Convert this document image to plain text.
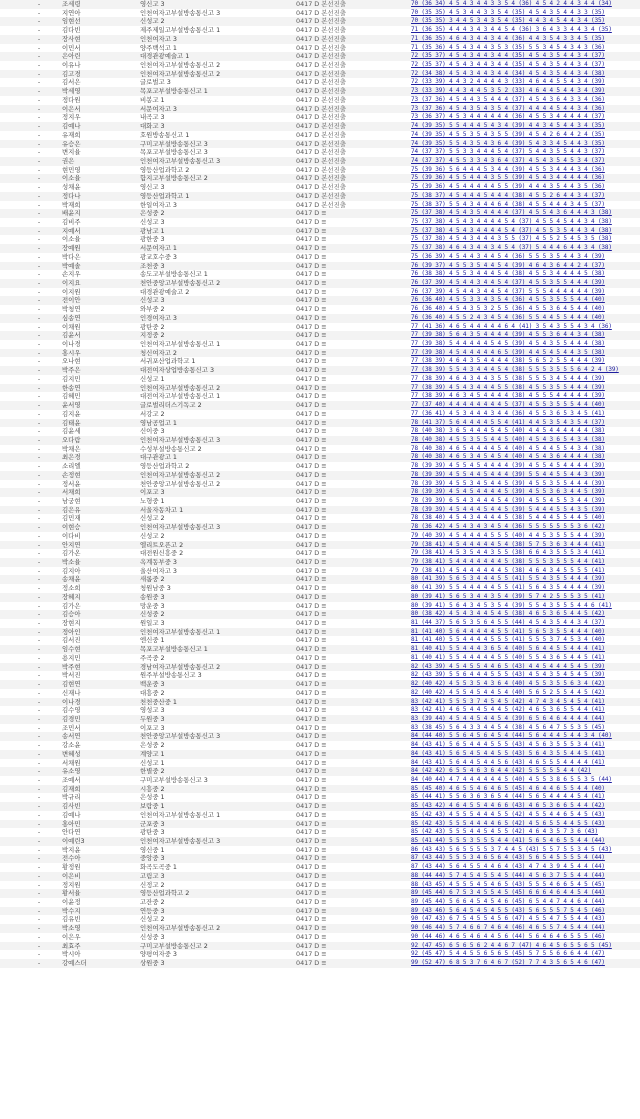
-	조세령	영신고 3	0417 D 본선진출	70 (36 34) 4 5 4 3 4 4 3 3 5 4 (36) 4 5 4 2 4 4 3 4 4 (34)
-	지연아	인천여자고부설방송통신고 3	0417 D 본선진출	70 (35 35) 4 5 3 4 4 3 3 5 4 (35) 4 5 4 3 5 4 4 3 3 (35)
-	임현선	신성고 2	0417 D 본선진출	70 (35 35) 3 4 4 5 3 4 3 5 4 (35) 4 4 3 4 5 4 4 3 4 (35)
-	김다빈	제주제일고부설방송통신고 1	0417 D 본선진출	71 (36 35) 4 4 4 3 4 3 4 4 5 4 (36) 3 6 4 3 3 4 4 3 4 (35)
-	장사현	인천여자고 3	0417 D 본선진출	71 (36 35) 4 6 4 3 4 4 3 4 4 (36) 4 4 3 5 4 3 3 4 5 (35)
-	이민서	양주백석고 1	0417 D 본선진출	71 (35 36) 4 5 4 3 4 4 3 5 3 (35) 5 5 3 4 5 4 3 4 3 (36)
-	은아린	대경관광예술고 1	0417 D 본선진출	72 (35 37) 4 5 4 3 4 4 3 4 4 (35) 4 5 4 3 5 4 4 3 4 (37)
-	이유나	인천여자고부설방송통신고 2	0417 D 본선진출	72 (35 37) 4 5 4 3 4 4 3 4 4 (35) 4 5 4 3 5 4 4 3 4 (37)
-	김고경	인천여자고부설방송통신고 2	0417 D 본선진출	72 (34 38) 4 5 4 3 4 4 3 4 4 (34) 4 5 4 3 5 4 4 3 4 (38)
-	김서은	글로벌고 3	0417 D 본선진출	72 (33 39) 4 4 3 2 4 4 4 4 3 (33) 4 6 4 4 5 5 4 3 4 (39)
-	박세영	목포고부설방송통신고 1	0417 D 본선진출	73 (33 39) 4 4 3 4 4 5 3 5 2 (33) 4 6 4 4 5 4 4 3 4 (39)
-	정다원	비봉고 1	0417 D 본선진출	73 (37 36) 4 5 4 4 3 5 4 4 4 (37) 4 5 4 3 6 4 3 3 4 (36)
-	이은서	서문여자고 3	0417 D 본선진출	73 (37 36) 4 5 4 3 5 4 3 5 4 (37) 4 4 4 4 5 4 4 3 4 (36)
-	정지우	내곡고 3	0417 D 본선진출	73 (36 37) 4 5 3 4 4 4 4 4 4 (36) 4 5 5 3 4 4 4 4 4 (37)
-	김예나	대화고 3	0417 D 본선진출	74 (39 35) 5 5 4 4 4 5 4 3 4 (39) 4 4 3 4 5 4 4 3 4 (35)
-	유재희	호원방송통신고 1	0417 D 본선진출	74 (39 35) 4 5 5 3 5 4 3 5 5 (39) 4 5 4 2 6 4 4 2 4 (35)
-	유승은	구미고부설방송통신고 3	0417 D 본선진출	74 (39 35) 5 5 4 3 5 4 3 6 4 (39) 5 4 3 3 4 5 4 4 3 (35)
-	변지율	목포고부설방송통신고 3	0417 D 본선진출	74 (37 37) 5 5 3 3 4 4 4 5 4 (37) 5 4 4 3 5 5 4 4 3 (37)
-	권은	인천여자고부설방송통신고 3	0417 D 본선진출	74 (37 37) 4 5 5 3 3 4 3 6 4 (37) 4 5 4 3 5 4 5 3 4 (37)
-	현민영	영등산업과학고 2	0417 D 본선진출	75 (39 36) 5 6 4 4 4 5 3 4 4 (39) 4 5 5 3 4 4 4 3 4 (36)
-	이소율	함지고부설방송통신고 2	0417 D 본선진출	75 (39 36) 4 5 5 4 4 4 3 5 5 (39) 4 5 4 3 4 4 4 4 4 (36)
-	성채윤	영신고 3	0417 D 본선진출	75 (39 36) 4 5 4 4 4 4 4 5 5 (39) 4 4 4 3 5 4 4 3 5 (36)
-	정다나	영등산업과학고 1	0417 D 본선진출	75 (38 37) 4 5 4 4 4 5 4 4 4 (38) 4 5 5 2 6 4 4 3 4 (37)
-	박재희	한일여자고 3	0417 D 본선진출	75 (38 37) 5 5 4 3 4 4 4 6 4 (38) 4 5 5 4 4 4 3 4 5 (37)
-	배윤지	은성중 2	0417 D ≡	75 (37 38) 4 5 4 3 5 4 4 4 4 (37) 4 5 5 4 3 6 4 4 4 3 (38)
-	김비주	신성고 3	0417 D ≡	75 (37 38) 4 5 4 3 4 4 4 4 5 4 (37) 4 5 5 4 5 4 4 3 4 (38)
-	지예서	광남고 1	0417 D ≡	75 (37 38) 4 5 4 3 4 4 4 4 5 4 (37) 4 5 5 3 5 4 4 3 4 (38)
-	이소율	광한중 3	0417 D ≡	75 (37 38) 4 5 4 3 4 4 4 3 5 5 (37) 4 5 5 2 5 4 5 3 5 (38)
-	장예원	서문여자고 1	0417 D ≡	75 (37 38) 4 6 4 3 4 4 3 4 5 4 (37) 5 4 4 4 6 4 4 3 4 (38)
-	박다은	광교호수중 3	0417 D ≡	75 (36 39) 4 5 4 4 3 4 4 5 4 (36) 5 5 5 3 5 4 4 3 4 (39)
-	박예솔	조천중 3	0417 D ≡	76 (39 37) 4 5 5 3 5 4 4 5 4 (39) 4 6 4 3 6 4 4 2 4 (37)
-	손지우	송도고부설방송통신고 1	0417 D ≡	76 (38 38) 4 5 5 3 4 4 4 5 4 (38) 4 5 5 3 4 4 4 4 5 (38)
-	이지요	천안중앙고부설방송통신고 2	0417 D ≡	76 (37 39) 4 5 4 4 3 4 4 5 4 (37) 4 5 5 3 5 5 4 4 4 (39)
-	이지원	대경관광예술고 2	0417 D ≡	76 (37 39) 4 5 4 4 3 4 4 5 4 (37) 5 5 5 4 4 4 4 4 4 (39)
-	전이안	신성고 3	0417 D ≡	76 (36 40) 4 5 5 3 3 4 3 5 4 (36) 4 5 5 3 5 5 5 4 4 (40)
-	박청연	와부중 2	0417 D ≡	76 (36 40) 4 5 4 3 5 3 2 5 5 (36) 4 5 5 3 6 4 5 4 4 (40)
-	심송연	인경여자고 3	0417 D ≡	76 (36 40) 4 5 5 2 4 3 4 5 4 (36) 5 5 4 4 5 5 4 4 4 (40)
-	이채원	광탄중 2	0417 D ≡	77 (41 36) 4 6 5 4 4 4 4 4 6 4 (41) 3 5 4 3 5 5 4 3 4 (36)
-	김윤서	지정중 2	0417 D ≡	77 (39 38) 5 6 4 3 5 4 4 4 4 (39) 4 5 5 3 6 4 4 3 4 (38)
-	이나경	인천여자고부설방송통신고 1	0417 D ≡	77 (39 38) 5 4 4 4 4 4 5 4 5 (39) 4 5 4 3 5 5 4 4 4 (38)
-	홍시우	청신여자고 2	0417 D ≡	77 (39 38) 4 5 4 4 4 4 4 6 5 (39) 4 4 5 4 5 4 4 3 5 (38)
-	오나현	서귀포산업과학고 1	0417 D ≡	77 (38 39) 4 6 4 3 5 4 4 4 4 (38) 5 6 5 2 5 5 4 4 4 (39)
-	박주은	대전여자상업방송통신고 3	0417 D ≡	77 (38 39) 5 5 4 3 4 4 4 5 4 (38) 5 5 5 3 5 5 5 6 4 2 4 (39)
-	김지민	신성고 1	0417 D ≡	77 (38 39) 4 6 4 3 4 4 3 5 5 (38) 5 5 5 3 4 5 4 4 4 (39)
-	한송연	인천여자고부설방송통신고 2	0417 D ≡	77 (38 39) 4 5 4 3 4 4 4 5 5 (38) 4 5 5 3 5 5 4 4 4 (39)
-	김혜민	대전여자고부설방송통신고 1	0417 D ≡	77 (38 39) 4 6 3 4 5 4 4 4 4 (38) 4 5 5 5 4 4 4 4 4 (39)
-	윤서영	글로벌리더스기독고 2	0417 D ≡	77 (37 40) 4 4 4 4 4 4 4 4 5 (37) 4 5 5 3 5 5 5 4 4 (40)
-	김지윤	서강고 2	0417 D ≡	77 (36 41) 4 5 3 4 4 4 3 4 4 (36) 4 5 5 3 6 5 3 4 5 (41)
-	김태윤	영남공업고 1	0417 D ≡	78 (41 37) 5 6 4 4 4 4 5 5 4 (41) 4 4 5 3 5 4 3 5 4 (37)
-	김윤세	신이중 3	0417 D ≡	78 (40 38) 3 6 5 4 4 4 5 4 5 (40) 4 4 5 4 4 4 4 4 4 (38)
-	오다람	인천여자고부설방송통신고 3	0417 D ≡	78 (40 38) 4 5 5 3 5 5 4 4 5 (40) 4 5 4 3 6 5 4 3 4 (38)
-	박채은	수성부설방송통신고 2	0417 D ≡	78 (40 38) 4 6 5 4 4 4 4 5 4 (40) 4 5 4 4 5 5 4 3 4 (38)
-	최은경	대구관광고 1	0417 D ≡	78 (40 38) 4 6 5 3 4 5 4 5 4 (40) 4 5 4 3 6 4 4 4 4 (38)
-	소리엘	영등산업과학고 2	0417 D ≡	78 (39 39) 4 5 5 4 5 4 4 4 4 (39) 4 5 5 4 5 4 4 4 4 (39)
-	손정현	인천여자고부설방송통신고 2	0417 D ≡	78 (39 39) 4 5 5 4 4 5 4 4 4 (39) 5 5 4 4 5 5 4 4 3 (39)
-	정서윤	천안중앙고부설방송통신고 2	0417 D ≡	78 (39 39) 4 5 5 3 4 5 4 4 5 (39) 4 5 5 3 5 5 4 4 4 (39)
-	서채희	이포고 3	0417 D ≡	78 (39 39) 4 5 4 5 4 4 4 4 5 (39) 4 5 5 3 6 3 4 4 5 (39)
-	남궁현	노형중 1	0417 D ≡	78 (39 39) 6 5 4 3 4 4 4 5 4 (39) 4 5 5 4 5 5 3 4 4 (39)
-	김은유	서울자동차고 1	0417 D ≡	78 (39 39) 4 5 4 4 4 5 4 4 5 (39) 5 4 4 4 5 5 4 3 5 (39)
-	김민재	신성고 2	0417 D ≡	78 (38 40) 4 5 4 3 4 4 4 4 5 (38) 5 4 4 4 5 5 4 4 5 (40)
-	이현승	인천여자고부설방송통신고 3	0417 D ≡	78 (36 42) 4 5 4 3 4 3 4 5 4 (36) 5 5 5 5 5 5 5 3 6 (42)
-	이다비	신성고 2	0417 D ≡	79 (40 39) 4 5 4 4 4 4 5 5 5 (40) 4 4 5 3 5 5 5 4 4 (39)
-	안지연	엘리트오픈고 2	0417 D ≡	79 (38 41) 4 5 4 4 4 4 4 5 4 (38) 5 7 5 3 6 3 4 4 4 (41)
-	김가온	대전원신흥중 2	0417 D ≡	79 (38 41) 4 5 3 5 4 4 3 5 5 (38) 6 6 4 3 5 5 5 3 4 (41)
-	박소율	옥계동부중 3	0417 D ≡	79 (38 41) 5 4 4 4 4 4 4 4 5 (38) 5 5 5 3 5 5 5 4 4 (41)
-	김지아	울산여자고 3	0417 D ≡	79 (38 41) 4 5 4 4 4 4 4 4 5 (38) 4 6 4 3 4 5 5 5 5 (41)
-	송채윤	새롬중 2	0417 D ≡	80 (41 39) 5 6 5 3 4 4 4 5 5 (41) 5 5 4 3 5 5 4 4 4 (39)
-	정소희	청원남중 3	0417 D ≡	80 (41 39) 5 5 4 4 4 4 4 5 5 (41) 5 6 4 3 5 4 4 4 4 (39)
-	장혜지	송원중 3	0417 D ≡	80 (39 41) 5 6 5 3 4 4 3 5 4 (39) 5 7 4 2 5 5 5 3 5 (41)
-	김가은	망운중 3	0417 D ≡	80 (39 41) 5 6 4 3 4 5 3 5 4 (39) 5 5 4 3 5 5 5 4 4 6 (41)
-	김승아	신성중 2	0417 D ≡	80 (38 42) 4 5 4 3 4 4 5 4 5 (38) 4 6 5 3 6 5 4 4 5 (42)
-	장현지	원일고 3	0417 D ≡	81 (44 37) 5 6 5 3 5 6 4 5 5 (44) 4 5 4 3 5 4 4 3 4 (37)
-	정아인	인천여자고부설방송통신고 1	0417 D ≡	81 (41 40) 5 6 4 4 4 4 4 5 5 (41) 5 6 5 3 5 5 4 4 4 (40)
-	김서진	엔신중 1	0417 D ≡	81 (41 40) 5 5 4 4 4 4 5 5 5 (41) 5 5 5 3 7 4 5 3 4 (40)
-	임수현	목포고부설방송통신고 1	0417 D ≡	81 (40 41) 5 5 4 4 4 3 6 5 4 (40) 5 6 4 4 5 5 4 4 4 (41)
-	용지민	주곡중 2	0417 D ≡	81 (40 41) 5 5 4 4 4 4 4 5 5 (40) 5 5 4 3 6 5 4 4 5 (41)
-	박주현	경남여자고부설방송통신고 2	0417 D ≡	82 (43 39) 4 5 4 5 5 4 4 6 5 (43) 4 4 5 4 4 4 5 4 5 (39)
-	박서진	원주부설방송통신고 3	0417 D ≡	82 (43 39) 5 5 6 4 4 4 5 5 5 (43) 4 5 4 3 5 4 5 4 5 (39)
-	김현연	백운중 3	0417 D ≡	82 (40 42) 4 5 5 3 5 4 3 6 4 (40) 4 5 5 3 5 5 6 3 4 (42)
-	신재나	대흥중 2	0417 D ≡	82 (40 42) 4 5 5 4 5 4 4 5 4 (40) 5 6 5 2 5 5 4 4 5 (42)
-	이나경	천천중산중 1	0417 D ≡	83 (42 41) 5 5 5 3 7 4 5 4 5 (42) 4 7 4 3 4 5 4 5 4 (41)
-	김수영	영성고 3	0417 D ≡	83 (42 41) 4 6 5 4 4 5 4 4 5 (42) 4 6 5 3 6 5 5 4 4 (41)
-	김경민	두원중 3	0417 D ≡	83 (39 44) 4 5 4 4 5 4 4 5 4 (39) 6 5 6 4 6 4 4 4 4 (44)
-	조민서	이포고 3	0417 D ≡	83 (38 45) 5 6 4 3 3 4 4 5 4 (38) 4 5 6 4 7 5 5 3 5 (45)
-	송서연	천안중앙고부설방송통신고 3	0417 D ≡	84 (44 40) 5 5 6 4 5 6 4 5 4 (44) 5 6 4 4 4 5 4 4 3 4 (40)
-	강소윤	은성중 2	0417 D ≡	84 (43 41) 5 6 5 4 4 4 5 5 5 (43) 4 5 6 3 5 5 5 3 4 (41)
-	변혜성	계양고 1	0417 D ≡	84 (43 41) 5 6 5 4 5 4 4 5 5 (43) 5 6 4 3 5 5 4 4 5 (41)
-	서채원	신성고 1	0417 D ≡	84 (43 41) 5 6 4 4 5 4 4 5 6 (43) 4 6 5 5 5 4 4 4 4 (41)
-	유소영	한별중 2	0417 D ≡	84 (42 42) 6 5 5 4 6 3 6 4 4 (42) 5 5 5 5 5 4 4 (42)
-	조예서	구미고부설방송통신고 3	0417 D ≡	84 (40 44) 4 7 4 4 4 4 4 4 5 (40) 4 5 5 3 8 6 5 5 3 5 (44)
-	김재희	시흥중 2	0417 D ≡	85 (45 40) 4 6 5 5 4 6 4 6 5 (45) 4 6 4 4 6 5 5 4 4 (40)
-	박규리	은성중 1	0417 D ≡	85 (44 41) 5 5 6 3 6 3 6 5 4 (44) 5 6 5 4 4 4 4 5 4 (41)
-	김사빈	보람중 1	0417 D ≡	85 (43 42) 4 6 4 5 5 4 4 6 6 (43) 4 6 5 3 6 6 5 4 4 (42)
-	김예나	인천여자고부설방송통신고 1	0417 D ≡	85 (42 43) 4 5 5 5 4 4 4 5 5 (42) 4 5 5 4 4 6 5 4 5 (43)
-	홍아민	군포중 3	0417 D ≡	85 (42 43) 5 5 5 4 4 4 4 6 5 (42) 4 5 6 5 5 4 4 5 5 (43)
-	안다연	광탄중 3	0417 D ≡	85 (42 43) 5 5 5 4 4 5 4 5 5 (42) 4 6 4 3 5 7 3 6 (43)
-	이예린3	인천여자고부설방송통신고 3	0417 D ≡	85 (41 44) 5 5 5 3 5 5 5 4 4 (41) 5 6 5 4 6 5 5 4 4 (44)
-	박지윤	영신중 1	0417 D ≡	86 (43 43) 5 6 5 5 5 5 3 7 4 4 5 (43) 5 5 7 5 5 3 4 5 (43)
-	전수아	중앙중 3	0417 D ≡	87 (43 44) 5 5 5 3 4 6 5 6 4 (43) 5 6 5 4 5 5 5 5 4 (44)
-	황정원	화곡도곡중 1	0417 D ≡	87 (43 44) 5 6 4 5 5 4 4 6 4 (43) 4 7 4 3 9 4 5 4 4 (44)
-	이은비	고림고 3	0417 D ≡	88 (44 44) 5 7 4 5 4 5 5 4 5 (44) 4 5 6 3 7 5 5 4 4 (44)
-	정지원	신정고 2	0417 D ≡	88 (43 45) 4 5 5 5 4 5 4 6 5 (43) 5 5 5 4 6 6 5 4 5 (45)
-	황서율	영등산업과학고 2	0417 D ≡	89 (45 44) 6 7 5 3 4 5 5 4 5 (45) 6 6 6 4 6 4 4 5 4 (44)
-	이윤정	고잔중 2	0417 D ≡	89 (45 44) 5 6 6 4 5 4 5 4 6 (45) 6 5 4 4 7 4 4 6 4 (44)
-	박수지	연등중 3	0417 D ≡	89 (43 46) 5 6 4 5 4 5 4 5 5 (43) 5 6 5 5 5 7 5 4 5 (46)
-	김유빈	신성고 2	0417 D ≡	90 (47 43) 6 7 5 4 5 5 4 5 6 (47) 4 5 5 4 7 5 5 4 4 (43)
-	박소영	인천여자고부설방송통신고 2	0417 D ≡	90 (46 44) 5 7 4 6 6 7 4 6 4 (46) 4 6 5 5 7 4 5 4 4 (44)
-	이은우	신성중 3	0417 D ≡	90 (44 46) 4 6 5 4 6 4 4 5 6 (44) 5 6 4 6 4 6 5 5 5 (46)
-	최효주	구미고부설방송통신고 2	0417 D ≡	92 (47 45) 6 5 6 5 6 2 4 4 6 7 (47) 4 6 4 5 6 5 5 6 5 (45)
-	박시아	양평여자중 3	0417 D ≡	92 (45 47) 5 4 4 5 5 6 5 6 5 (45) 5 7 5 5 6 6 6 4 4 (47)
-	강예스더	상원중 3	0417 D ≡	99 (52 47) 6 8 5 3 7 6 4 6 7 (52) 7 7 4 3 5 6 5 4 6 (47)
